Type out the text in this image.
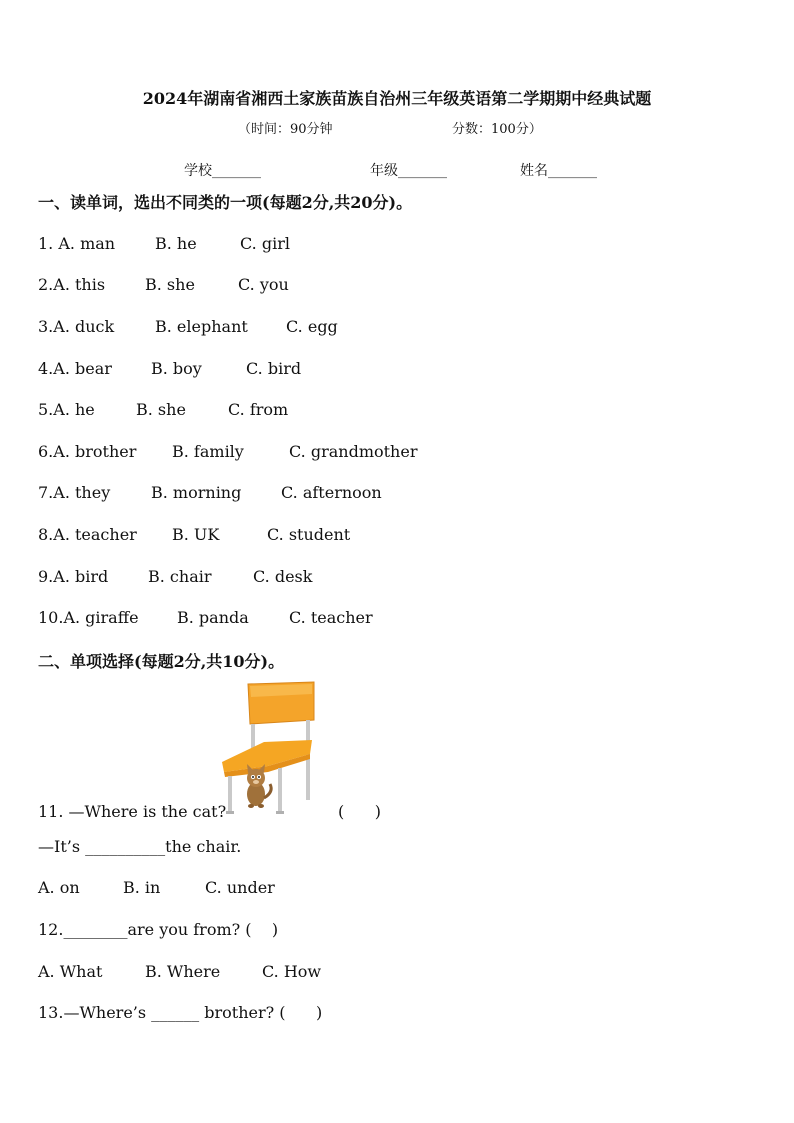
2024年湖南省湘西土家族苗族自治州三年级英语第二学期期中经典试题
（时间：90分钟	分数：100分）
学校_______	年级_______	姓名_______
一、读单词，选出不同类的一项(每题2分,共20分)。
1. A. man B. he	C. girl
2.A. this B. she	C. you
3.A. duck	B. elephant C. egg
4.A. bear B. boy	C. bird
5.A. he	B. she	C. from
6.A. brother B. family	C. grandmother
7.A. they	B. morning C. afternoon
8.A. teacher B. UK	C. student
9.A. bird B. chair	C. desk
10.A. giraffe B. panda	C. teacher
二、单项选择(每题2分,共10分)。
11. —Where is the cat?	(      )
—It’s __________the chair.
A. on	B. in	C. under
12.________are you from? (    )
A. What	B. Where	C. How
13.—Where’s ______ brother? (      )
